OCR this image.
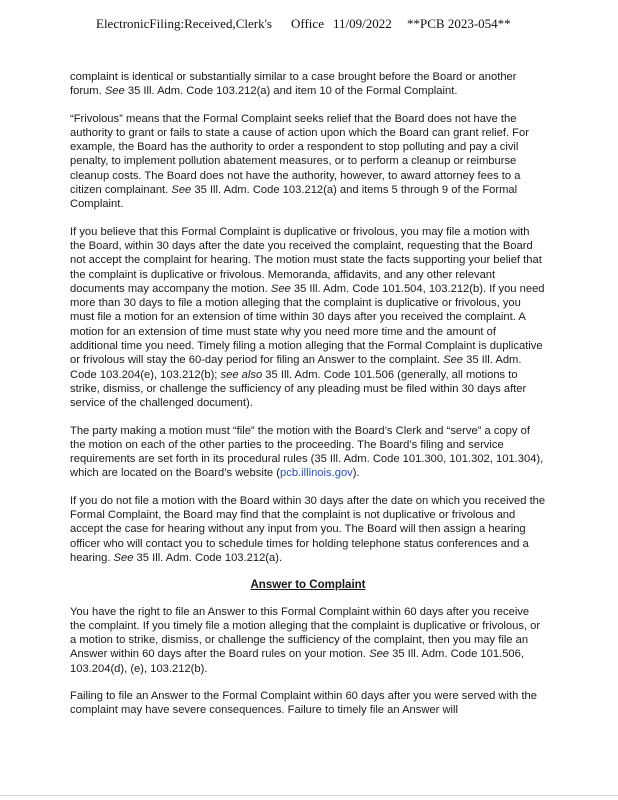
ElectronicFiling:Received,Clerk's Office 11/09/2022 **PCB 2023-054**

complaint is identical or substantially similar to a case brought before the Board or another forum. See 35 Ill. Adm. Code 103.212(a) and item 10 of the Formal Complaint.

“Frivolous” means that the Formal Complaint seeks relief that the Board does not have the authority to grant or fails to state a cause of action upon which the Board can grant relief. For example, the Board has the authority to order a respondent to stop polluting and pay a civil penalty, to implement pollution abatement measures, or to perform a cleanup or reimburse cleanup costs. The Board does not have the authority, however, to award attorney fees to a citizen complainant. See 35 Ill. Adm. Code 103.212(a) and items 5 through 9 of the Formal Complaint.

If you believe that this Formal Complaint is duplicative or frivolous, you may file a motion with the Board, within 30 days after the date you received the complaint, requesting that the Board not accept the complaint for hearing. The motion must state the facts supporting your belief that the complaint is duplicative or frivolous. Memoranda, affidavits, and any other relevant documents may accompany the motion. See 35 Ill. Adm. Code 101.504, 103.212(b). If you need more than 30 days to file a motion alleging that the complaint is duplicative or frivolous, you must file a motion for an extension of time within 30 days after you received the complaint. A motion for an extension of time must state why you need more time and the amount of additional time you need. Timely filing a motion alleging that the Formal Complaint is duplicative or frivolous will stay the 60-day period for filing an Answer to the complaint. See 35 Ill. Adm. Code 103.204(e), 103.212(b); see also 35 Ill. Adm. Code 101.506 (generally, all motions to strike, dismiss, or challenge the sufficiency of any pleading must be filed within 30 days after service of the challenged document).

The party making a motion must “file” the motion with the Board’s Clerk and “serve” a copy of the motion on each of the other parties to the proceeding. The Board’s filing and service requirements are set forth in its procedural rules (35 Ill. Adm. Code 101.300, 101.302, 101.304), which are located on the Board’s website (pcb.illinois.gov).

If you do not file a motion with the Board within 30 days after the date on which you received the Formal Complaint, the Board may find that the complaint is not duplicative or frivolous and accept the case for hearing without any input from you. The Board will then assign a hearing officer who will contact you to schedule times for holding telephone status conferences and a hearing. See 35 Ill. Adm. Code 103.212(a).

Answer to Complaint

You have the right to file an Answer to this Formal Complaint within 60 days after you receive the complaint. If you timely file a motion alleging that the complaint is duplicative or frivolous, or a motion to strike, dismiss, or challenge the sufficiency of the complaint, then you may file an Answer within 60 days after the Board rules on your motion. See 35 Ill. Adm. Code 101.506, 103.204(d), (e), 103.212(b).

Failing to file an Answer to the Formal Complaint within 60 days after you were served with the complaint may have severe consequences. Failure to timely file an Answer will
